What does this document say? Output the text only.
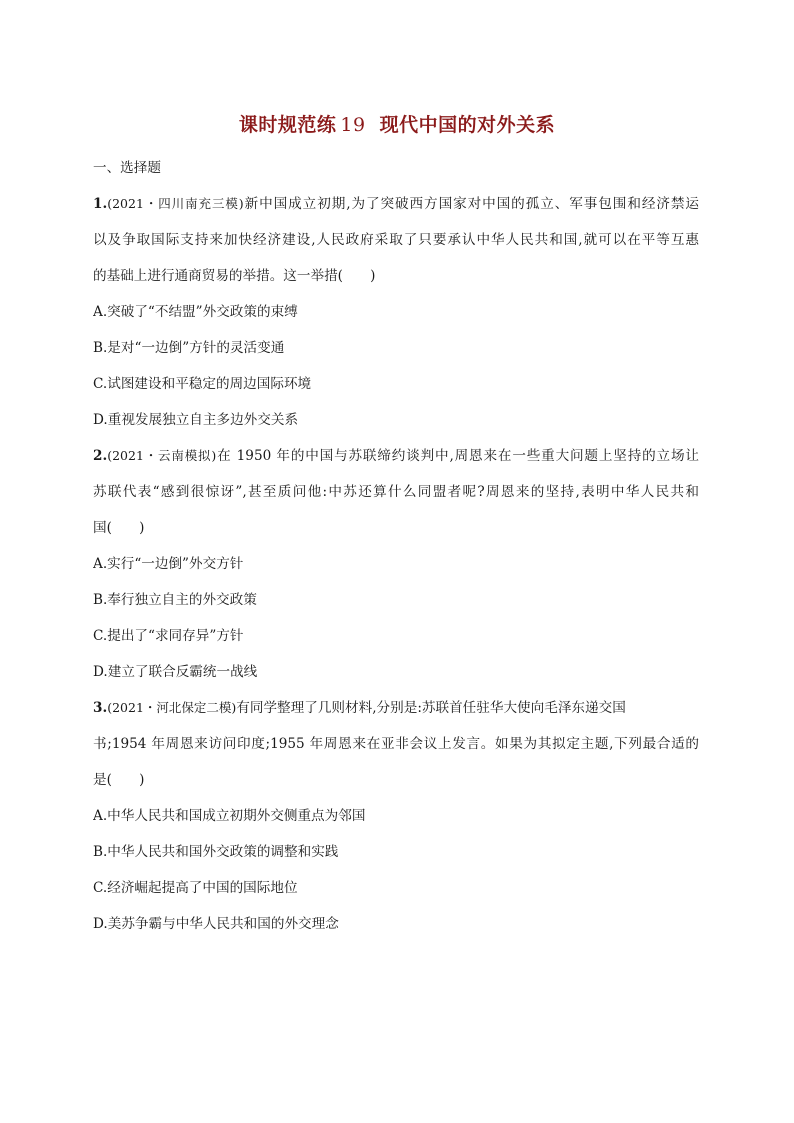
课时规范练 19 现代中国的对外关系
一、选择题
1.(2021・四川南充三模)新中国成立初期,为了突破西方国家对中国的孤立、军事包围和经济禁运
以及争取国际支持来加快经济建设,人民政府采取了只要承认中华人民共和国,就可以在平等互惠
的基础上进行通商贸易的举措。这一举措(　　)
A.突破了“不结盟”外交政策的束缚
B.是对“一边倒”方针的灵活变通
C.试图建设和平稳定的周边国际环境
D.重视发展独立自主多边外交关系
2.(2021・云南模拟)在 1950 年的中国与苏联缔约谈判中,周恩来在一些重大问题上坚持的立场让
苏联代表“感到很惊讶”,甚至质问他:中苏还算什么同盟者呢?周恩来的坚持,表明中华人民共和
国(　　)
A.实行“一边倒”外交方针
B.奉行独立自主的外交政策
C.提出了“求同存异”方针
D.建立了联合反霸统一战线
3.(2021・河北保定二模)有同学整理了几则材料,分别是:苏联首任驻华大使向毛泽东递交国
书;1954 年周恩来访问印度;1955 年周恩来在亚非会议上发言。如果为其拟定主题,下列最合适的
是(　　)
A.中华人民共和国成立初期外交侧重点为邻国
B.中华人民共和国外交政策的调整和实践
C.经济崛起提高了中国的国际地位
D.美苏争霸与中华人民共和国的外交理念
